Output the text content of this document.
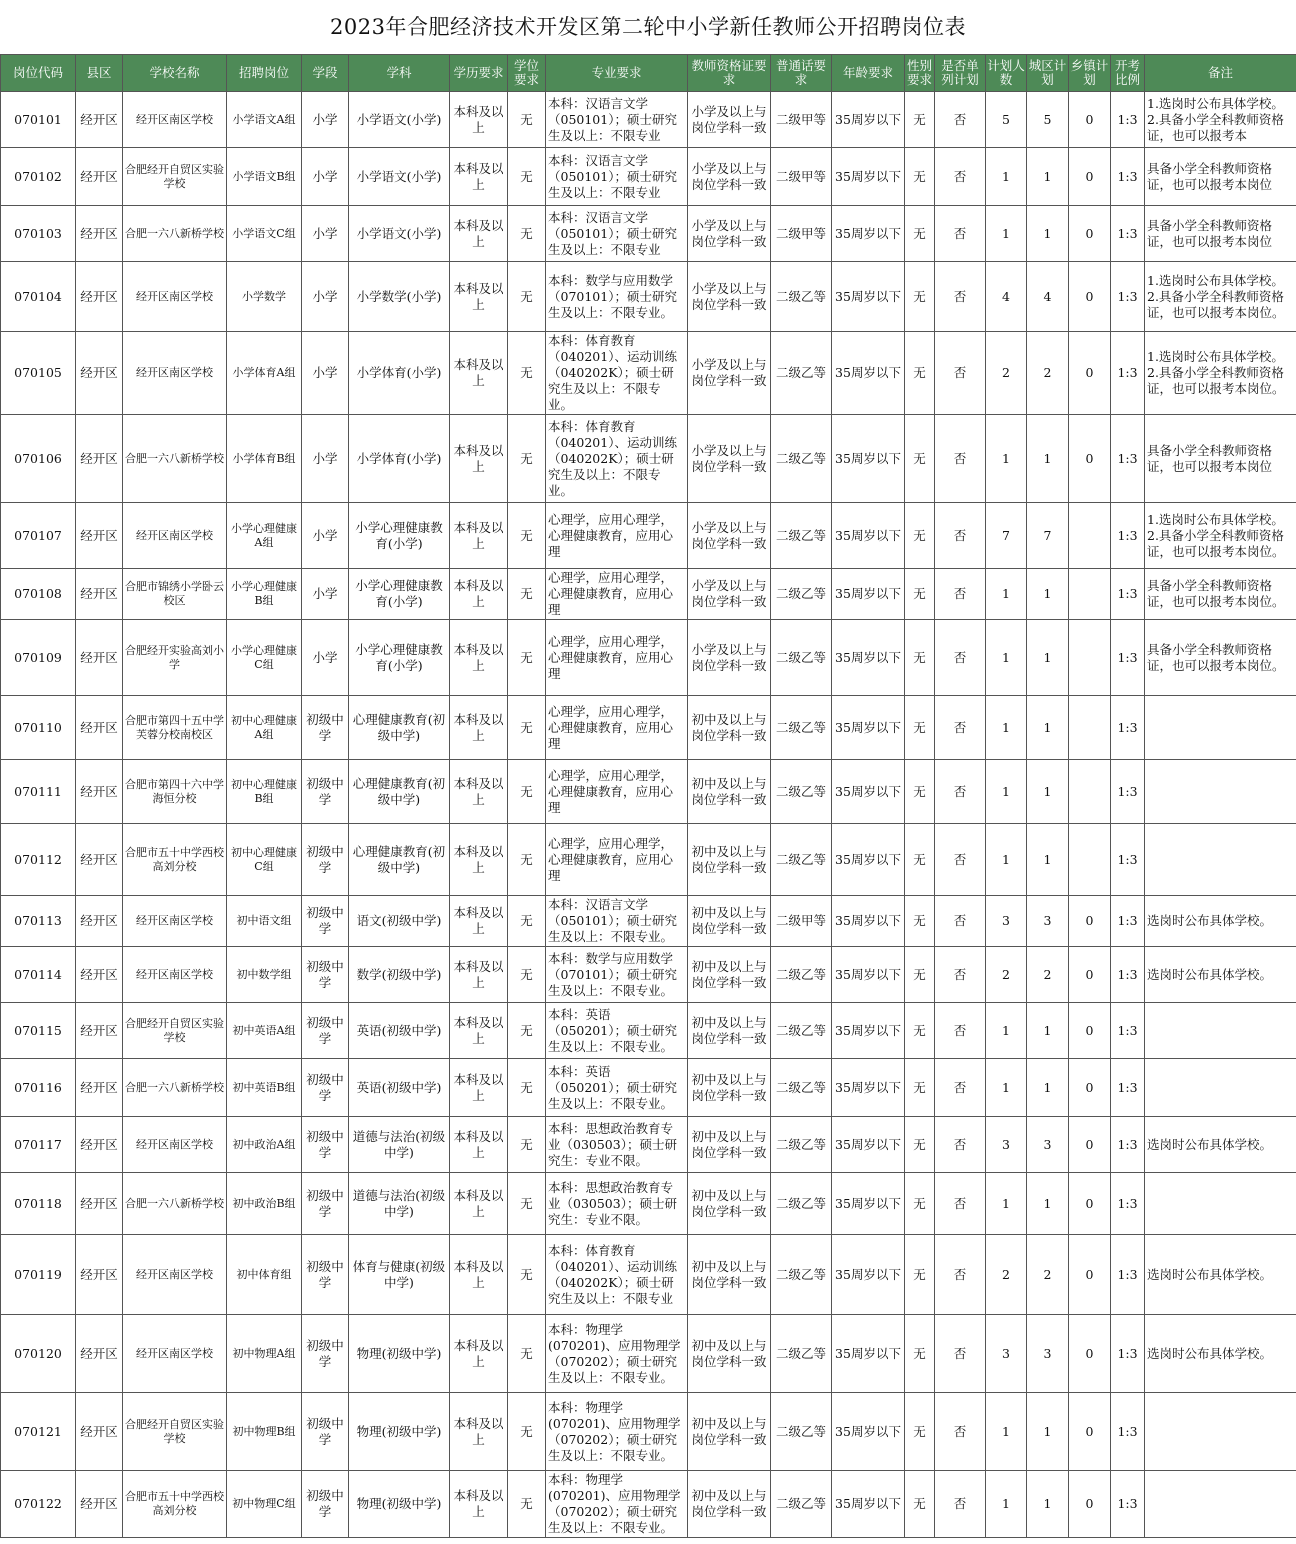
2023年合肥经济技术开发区第二轮中小学新任教师公开招聘岗位表
岗位代码	县区	学校名称	招聘岗位	学段	学科	学历要求	学位要求	专业要求	教师资格证要求	普通话要求	年龄要求	性别要求	是否单列计划	计划人数	城区计划	乡镇计划	开考比例	备注
070101	经开区	经开区南区学校	小学语文A组	小学	小学语文(小学)	本科及以上	无	本科：汉语言文学（050101）；硕士研究生及以上：不限专业	小学及以上与岗位学科一致	二级甲等	35周岁以下	无	否	5	5	0	1:3	1.选岗时公布具体学校。2.具备小学全科教师资格证，也可以报考本
070102	经开区	合肥经开自贸区实验学校	小学语文B组	小学	小学语文(小学)	本科及以上	无	本科：汉语言文学（050101）；硕士研究生及以上：不限专业	小学及以上与岗位学科一致	二级甲等	35周岁以下	无	否	1	1	0	1:3	具备小学全科教师资格证，也可以报考本岗位
070103	经开区	合肥一六八新桥学校	小学语文C组	小学	小学语文(小学)	本科及以上	无	本科：汉语言文学（050101）；硕士研究生及以上：不限专业	小学及以上与岗位学科一致	二级甲等	35周岁以下	无	否	1	1	0	1:3	具备小学全科教师资格证，也可以报考本岗位
070104	经开区	经开区南区学校	小学数学	小学	小学数学(小学)	本科及以上	无	本科：数学与应用数学（070101）；硕士研究生及以上：不限专业。	小学及以上与岗位学科一致	二级乙等	35周岁以下	无	否	4	4	0	1:3	1.选岗时公布具体学校。2.具备小学全科教师资格证，也可以报考本岗位。
070105	经开区	经开区南区学校	小学体育A组	小学	小学体育(小学)	本科及以上	无	本科：体育教育（040201）、运动训练（040202K）；硕士研究生及以上：不限专业。	小学及以上与岗位学科一致	二级乙等	35周岁以下	无	否	2	2	0	1:3	1.选岗时公布具体学校。2.具备小学全科教师资格证，也可以报考本岗位。
070106	经开区	合肥一六八新桥学校	小学体育B组	小学	小学体育(小学)	本科及以上	无	本科：体育教育（040201）、运动训练（040202K）；硕士研究生及以上：不限专业。	小学及以上与岗位学科一致	二级乙等	35周岁以下	无	否	1	1	0	1:3	具备小学全科教师资格证，也可以报考本岗位
070107	经开区	经开区南区学校	小学心理健康A组	小学	小学心理健康教育(小学)	本科及以上	无	心理学，应用心理学，心理健康教育，应用心理	小学及以上与岗位学科一致	二级乙等	35周岁以下	无	否	7	7		1:3	1.选岗时公布具体学校。2.具备小学全科教师资格证，也可以报考本岗位。
070108	经开区	合肥市锦绣小学卧云校区	小学心理健康B组	小学	小学心理健康教育(小学)	本科及以上	无	心理学，应用心理学，心理健康教育，应用心理	小学及以上与岗位学科一致	二级乙等	35周岁以下	无	否	1	1		1:3	具备小学全科教师资格证，也可以报考本岗位。
070109	经开区	合肥经开实验高刘小学	小学心理健康C组	小学	小学心理健康教育(小学)	本科及以上	无	心理学，应用心理学，心理健康教育，应用心理	小学及以上与岗位学科一致	二级乙等	35周岁以下	无	否	1	1		1:3	具备小学全科教师资格证，也可以报考本岗位。
070110	经开区	合肥市第四十五中学芙蓉分校南校区	初中心理健康A组	初级中学	心理健康教育(初级中学)	本科及以上	无	心理学，应用心理学，心理健康教育，应用心理	初中及以上与岗位学科一致	二级乙等	35周岁以下	无	否	1	1		1:3	
070111	经开区	合肥市第四十六中学海恒分校	初中心理健康B组	初级中学	心理健康教育(初级中学)	本科及以上	无	心理学，应用心理学，心理健康教育，应用心理	初中及以上与岗位学科一致	二级乙等	35周岁以下	无	否	1	1		1:3	
070112	经开区	合肥市五十中学西校高刘分校	初中心理健康C组	初级中学	心理健康教育(初级中学)	本科及以上	无	心理学，应用心理学，心理健康教育，应用心理	初中及以上与岗位学科一致	二级乙等	35周岁以下	无	否	1	1		1:3	
070113	经开区	经开区南区学校	初中语文组	初级中学	语文(初级中学)	本科及以上	无	本科：汉语言文学（050101）；硕士研究生及以上：不限专业。	初中及以上与岗位学科一致	二级甲等	35周岁以下	无	否	3	3	0	1:3	选岗时公布具体学校。
070114	经开区	经开区南区学校	初中数学组	初级中学	数学(初级中学)	本科及以上	无	本科：数学与应用数学（070101）；硕士研究生及以上：不限专业。	初中及以上与岗位学科一致	二级乙等	35周岁以下	无	否	2	2	0	1:3	选岗时公布具体学校。
070115	经开区	合肥经开自贸区实验学校	初中英语A组	初级中学	英语(初级中学)	本科及以上	无	本科：英语（050201）；硕士研究生及以上：不限专业。	初中及以上与岗位学科一致	二级乙等	35周岁以下	无	否	1	1	0	1:3	
070116	经开区	合肥一六八新桥学校	初中英语B组	初级中学	英语(初级中学)	本科及以上	无	本科：英语（050201）；硕士研究生及以上：不限专业。	初中及以上与岗位学科一致	二级乙等	35周岁以下	无	否	1	1	0	1:3	
070117	经开区	经开区南区学校	初中政治A组	初级中学	道德与法治(初级中学)	本科及以上	无	本科：思想政治教育专业（030503）；硕士研究生：专业不限。	初中及以上与岗位学科一致	二级乙等	35周岁以下	无	否	3	3	0	1:3	选岗时公布具体学校。
070118	经开区	合肥一六八新桥学校	初中政治B组	初级中学	道德与法治(初级中学)	本科及以上	无	本科：思想政治教育专业（030503）；硕士研究生：专业不限。	初中及以上与岗位学科一致	二级乙等	35周岁以下	无	否	1	1	0	1:3	
070119	经开区	经开区南区学校	初中体育组	初级中学	体育与健康(初级中学)	本科及以上	无	本科：体育教育（040201）、运动训练（040202K）；硕士研究生及以上：不限专业	初中及以上与岗位学科一致	二级乙等	35周岁以下	无	否	2	2	0	1:3	选岗时公布具体学校。
070120	经开区	经开区南区学校	初中物理A组	初级中学	物理(初级中学)	本科及以上	无	本科：物理学(070201)、应用物理学（070202）；硕士研究生及以上：不限专业。	初中及以上与岗位学科一致	二级乙等	35周岁以下	无	否	3	3	0	1:3	选岗时公布具体学校。
070121	经开区	合肥经开自贸区实验学校	初中物理B组	初级中学	物理(初级中学)	本科及以上	无	本科：物理学(070201)、应用物理学（070202）；硕士研究生及以上：不限专业。	初中及以上与岗位学科一致	二级乙等	35周岁以下	无	否	1	1	0	1:3	
070122	经开区	合肥市五十中学西校高刘分校	初中物理C组	初级中学	物理(初级中学)	本科及以上	无	本科：物理学(070201)、应用物理学（070202）；硕士研究生及以上：不限专业。	初中及以上与岗位学科一致	二级乙等	35周岁以下	无	否	1	1	0	1:3	
